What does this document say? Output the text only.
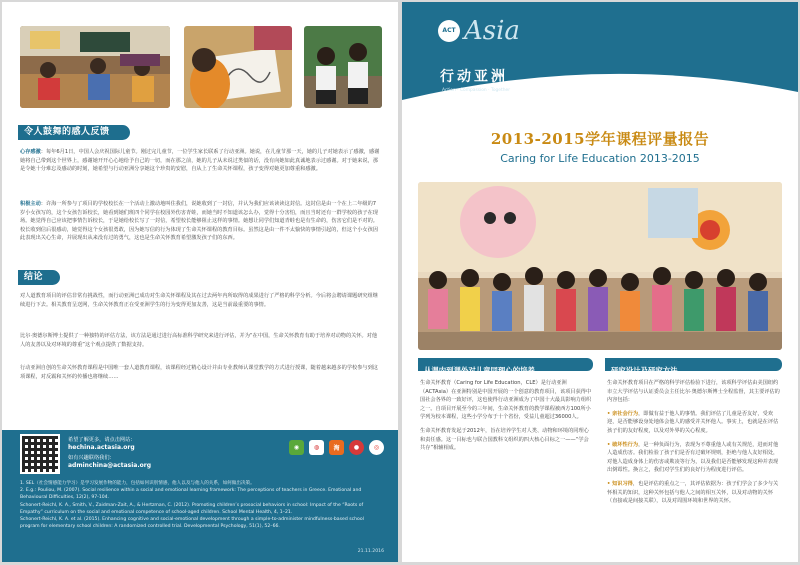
令人鼓舞的感人反馈
心存感激：每年6月1日，中国人会庆祝国际儿童节。刚过完儿童节，一位学生家长联系了行动亚洲。她说，在儿童节那一天，她的儿子对她表示了感激，感谢她将自己带到这个世界上，感谢她开开心心地给予自己的一切，而在那之前，她的儿子从未说过类似的话，没有向她如此真诚地表示过感谢。对于她来说，那是令她十分难忘及感动的时刻，她希望与行动亚洲分享她这个珍贵的安慰，自从上了生命关怀课程，孩子变得对她更加尊重和感激。
积极主动：许海一所参与了项目的学校校长在一个活动上激动地叫住我们，说她收到了一封信，并认为我们应该读读这封信。这封信是由一个在上二年级的7岁小女孩写的，这个女孩告诉校长，她看到她们班四个同学在校园外伤害青蛙，而她当时不知道该怎么办，觉得十分害怕，而且当时还有一群学校的孩子在现场。她觉得自己应该把事情告诉校长，于是她给校长写了一封信，希望校长能够阻止这样的事情。她想让同学们知道青蛙也是有生命的，伤害它们是不对的。校长收到信后很感动，她觉得这个女孩很勇敢，因为她写信的行为体现了生命关怀课程的教育目标。虽然这是由一件不太愉快的事情引起的，但这个小女孩因此表现出关心生命，并展现出从来没有过的勇气，这也是生命关怀教育希望激发孩子们的东西。
结论
对人道教育项目的评估非常有挑战性，而行动亚洲已成功对生命关怀课程及其在过去两年内所取得的成果进行了严格的科学分析。今后将会聘请课题研究组继续进行下去。相关教育呈送网，生命关怀教育正在受亚洲学生的行为变得更加友善，这是当前最重要的事情。
比尔·奥德尔斯博士提供了一种独特的评估方法，该方法是通过进行高标准科学研究来进行评估，并为“在中国，生命关怀教育有助于培养对动物的关怀。对他人的友善以及对环境的尊重”这个观点提供了数据支持。
行动亚洲自创的生命关怀教育课程是中国唯一套人道教育课程，该课程经过精心设计并由专业教师认课堂教学的方式进行授课，随着越来越多的学校参与到这项课程，对反霸和关怀的传播也将继续……
希望了解更多，请点击网站：
hechina.actasia.org
如有兴趣联络我们：
adminchina@actasia.org
◉	◍	淘	●	◎
1. SEL（社会情感能力学习）是学习发展作物的能力，包括如何识别情感，他人以及与他人的关系，如何做出决策。
2. E.g.: Pouliou, M. (2007). Social resilience within a social and emotional learning framework: The perceptions of teachers in Greece. Emotional and Behavioural Difficulties, 12(2), 97-104.
Schonert-Reichl, K. A., Smith, V., Zaidman-Zait, A., & Hertzman, C. (2012). Promoting children’s prosocial behaviors in school: Impact of the “Roots of Empathy” curriculum on the social and emotional competence of school-aged children. School Mental Health, 4, 1–21.
Schonert-Reichl, K. A. et al. (2015). Enhancing cognitive and social-emotional development through a simple-to-administer mindfulness-based school program for elementary school children: A randomized controlled trial. Developmental Psychology, 51(1), 52–66.
21.11.2016
ACT Asia
行动亚洲
Action · Compassion · Together
2013-2015学年课程评量报告
Caring for Life Education 2013-2015
从课内到课外对儿童同理心的培养	研究设计及研究方法

生命关怀教育（Caring for Life Education，CLE）是行动亚洲（ACTAsia）在亚洲特别是中国开展的一个创意的教育项目，该项目获得中国社会各界的一致好评，这也使得行动亚洲成为了中国十大最具影响力组织之一。自项目开展至今的三年间，生命关怀教育的教学课程被西方100所小学列为校本课程，这些小学分布于十个省份，受益儿童超过36000人。

生命关怀教育发起于2012年，旨在培养学生对人类、动物和环境的同理心和责任感。这一目标也与联合国教科文组织的四大核心目标之一——“学会共存”相辅相成。

生命关怀教育项目在严格的科学评估检验下进行，该项科学评估由美国纽约市立大学评估与认证委员会主任比尔·奥德尔斯博士全程监督，其主要评估的内容包括：

• 亲社会行为，即做有益于他人的事情。我们评估了儿童是否友好，受欢迎，是否能够设身处地体会他人的感受并关怀他人。事实上，也就是在评估孩子们的友好程度，以及对外界的关心程度。

• 破坏性行为，是一种负面行为，表现为不尊重他人或有关规范，进而对他人造成伤害。我们检验了孩子们是否有过破坏规则，拒绝与他人友好相处，对他人造成身体上的伤害或欺凌等行为，以及我们是否能够发现这种并表现出倒霉性。换言之，我们对学生们的良好行为程度进行评估。

• 知识习得，也是评估的重点之一，其评估依据为：孩子们学会了多少与关怀相关的知识，这种关怀包括与他人之间的相互关怀，以及对动物的关怀（直接或是间接关联），以及对周围环境和世界的关怀。
